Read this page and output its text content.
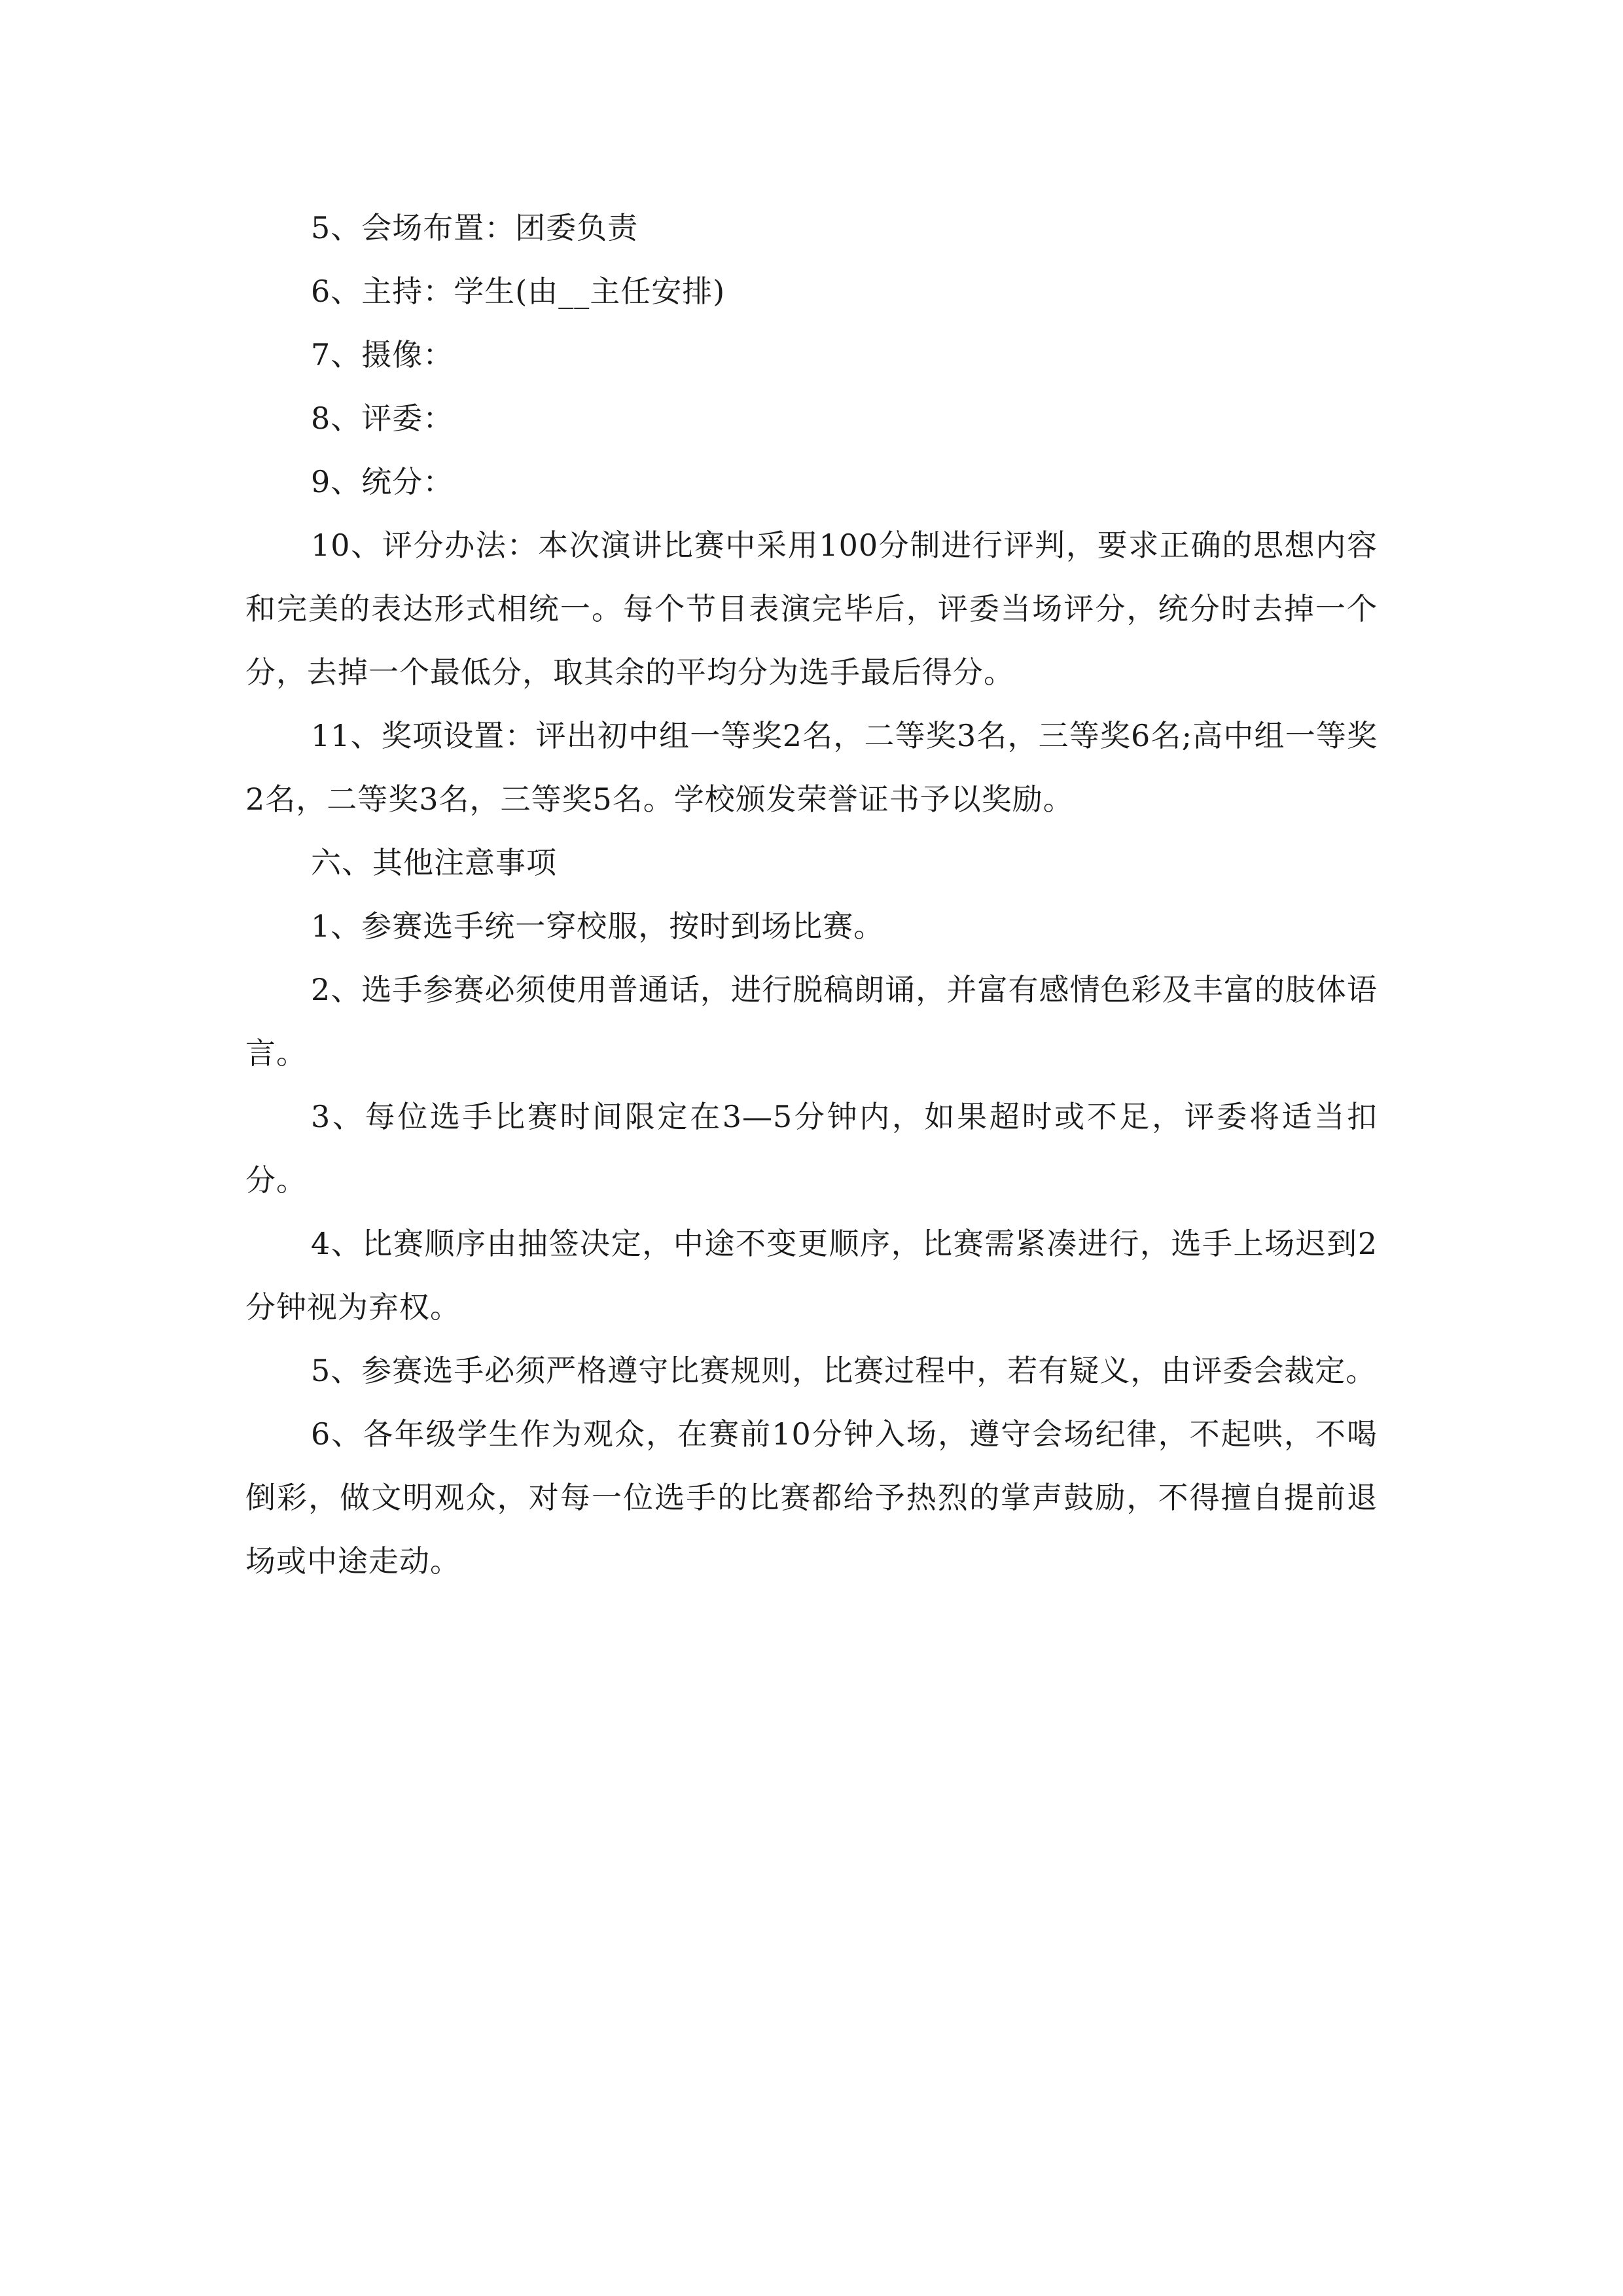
5、会场布置：团委负责

6、主持：学生(由__主任安排)

7、摄像：

8、评委：

9、统分：

10、评分办法：本次演讲比赛中采用100分制进行评判，要求正确的思想内容和完美的表达形式相统一。每个节目表演完毕后，评委当场评分，统分时去掉一个分，去掉一个最低分，取其余的平均分为选手最后得分。

11、奖项设置：评出初中组一等奖2名，二等奖3名，三等奖6名;高中组一等奖2名，二等奖3名，三等奖5名。学校颁发荣誉证书予以奖励。

六、其他注意事项

1、参赛选手统一穿校服，按时到场比赛。

2、选手参赛必须使用普通话，进行脱稿朗诵，并富有感情色彩及丰富的肢体语言。

3、每位选手比赛时间限定在3—5分钟内，如果超时或不足，评委将适当扣分。

4、比赛顺序由抽签决定，中途不变更顺序，比赛需紧凑进行，选手上场迟到2分钟视为弃权。

5、参赛选手必须严格遵守比赛规则，比赛过程中，若有疑义，由评委会裁定。

6、各年级学生作为观众，在赛前10分钟入场，遵守会场纪律，不起哄，不喝倒彩，做文明观众，对每一位选手的比赛都给予热烈的掌声鼓励，不得擅自提前退场或中途走动。
